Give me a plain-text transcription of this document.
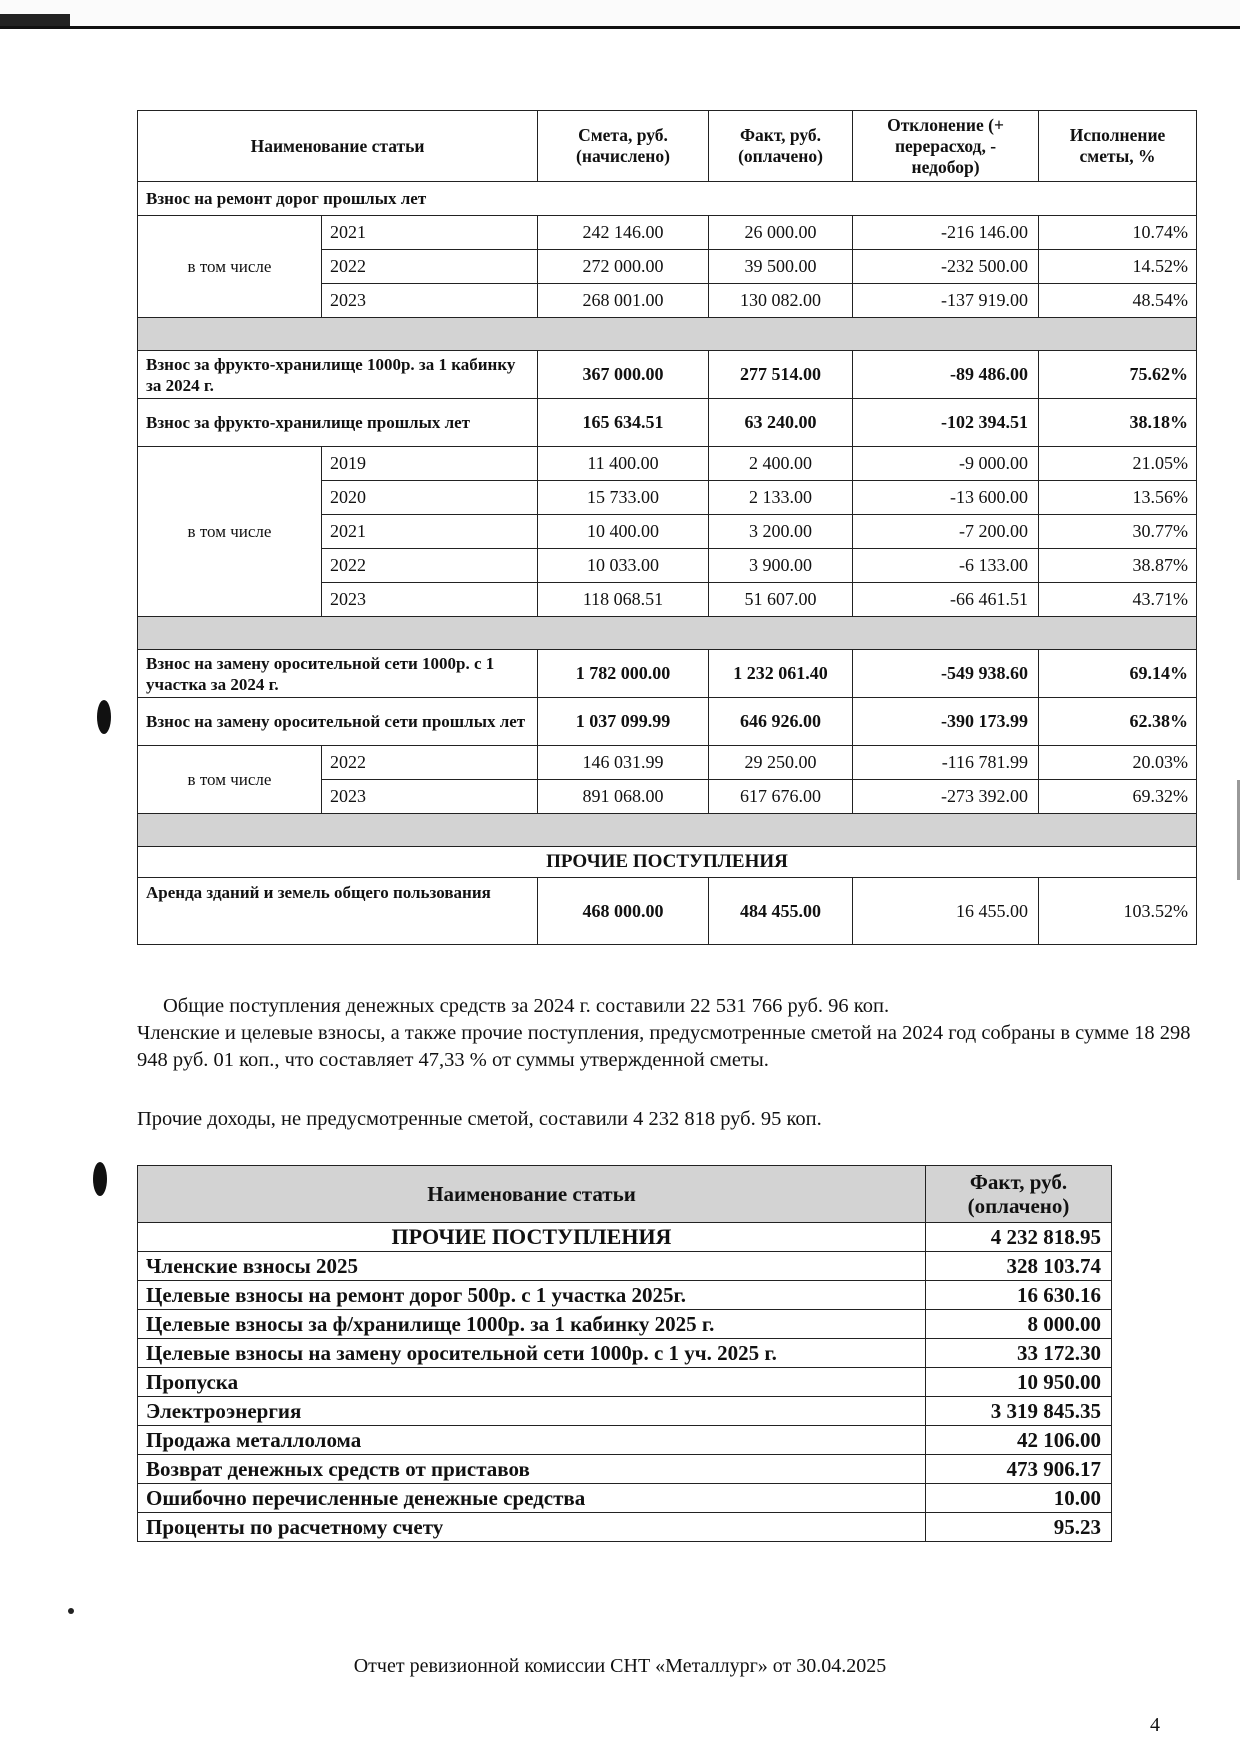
Наименование статьи		Смета, руб. (начислено)	Факт, руб. (оплачено)	Отклонение (+ перерасход, - недобор)	Исполнение сметы, %
Взнос на ремонт дорог прошлых лет					
в том числе	2021	242 146.00	26 000.00	-216 146.00	10.74%
	2022	272 000.00	39 500.00	-232 500.00	14.52%
	2023	268 001.00	130 082.00	-137 919.00	48.54%

Взнос за фрукто-хранилище 1000р. за 1 кабинку за 2024 г.		367 000.00	277 514.00	-89 486.00	75.62%
Взнос за фрукто-хранилище прошлых лет		165 634.51	63 240.00	-102 394.51	38.18%
в том числе	2019	11 400.00	2 400.00	-9 000.00	21.05%
	2020	15 733.00	2 133.00	-13 600.00	13.56%
	2021	10 400.00	3 200.00	-7 200.00	30.77%
	2022	10 033.00	3 900.00	-6 133.00	38.87%
	2023	118 068.51	51 607.00	-66 461.51	43.71%

Взнос на замену оросительной сети 1000р. с 1 участка за 2024 г.		1 782 000.00	1 232 061.40	-549 938.60	69.14%
Взнос на замену оросительной сети прошлых лет		1 037 099.99	646 926.00	-390 173.99	62.38%
в том числе	2022	146 031.99	29 250.00	-116 781.99	20.03%
	2023	891 068.00	617 676.00	-273 392.00	69.32%

ПРОЧИЕ ПОСТУПЛЕНИЯ					
Аренда зданий и земель общего пользования		468 000.00	484 455.00	16 455.00	103.52%
Общие поступления денежных средств за 2024 г. составили 22 531 766 руб. 96 коп.
Членские и целевые взносы, а также прочие поступления, предусмотренные сметой на 2024 год собраны в сумме 18 298 948 руб. 01 коп., что составляет 47,33 % от суммы утвержденной сметы.
Прочие доходы, не предусмотренные сметой, составили 4 232 818 руб. 95 коп.
Наименование статьи	Факт, руб. (оплачено)
ПРОЧИЕ ПОСТУПЛЕНИЯ	4 232 818.95
Членские взносы 2025	328 103.74
Целевые взносы на ремонт дорог 500р. с 1 участка 2025г.	16 630.16
Целевые взносы за ф/хранилище 1000р. за 1 кабинку 2025 г.	8 000.00
Целевые взносы на замену оросительной сети 1000р. с 1 уч. 2025 г.	33 172.30
Пропуска	10 950.00
Электроэнергия	3 319 845.35
Продажа металлолома	42 106.00
Возврат денежных средств от приставов	473 906.17
Ошибочно перечисленные денежные средства	10.00
Проценты по расчетному счету	95.23
Отчет ревизионной комиссии СНТ «Металлург» от 30.04.2025
4
